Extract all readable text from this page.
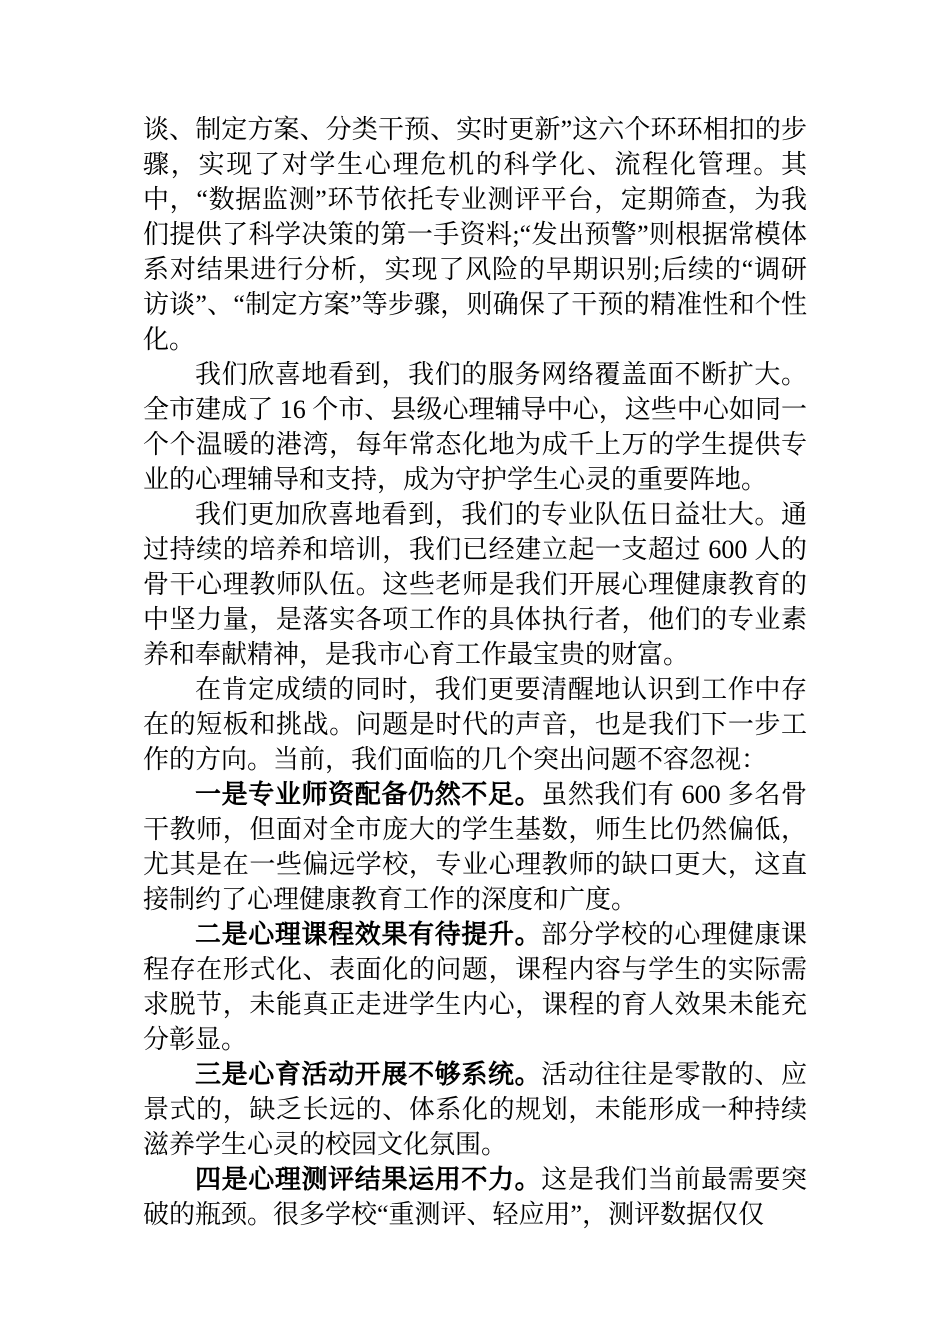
谈、制定方案、分类干预、实时更新”这六个环环相扣的步骤，实现了对学生心理危机的科学化、流程化管理。其中，“数据监测”环节依托专业测评平台，定期筛查，为我们提供了科学决策的第一手资料;“发出预警”则根据常模体系对结果进行分析，实现了风险的早期识别;后续的“调研访谈”、“制定方案”等步骤，则确保了干预的精准性和个性化。

我们欣喜地看到，我们的服务网络覆盖面不断扩大。全市建成了 16 个市、县级心理辅导中心，这些中心如同一个个温暖的港湾，每年常态化地为成千上万的学生提供专业的心理辅导和支持，成为守护学生心灵的重要阵地。

我们更加欣喜地看到，我们的专业队伍日益壮大。通过持续的培养和培训，我们已经建立起一支超过 600 人的骨干心理教师队伍。这些老师是我们开展心理健康教育的中坚力量，是落实各项工作的具体执行者，他们的专业素养和奉献精神，是我市心育工作最宝贵的财富。

在肯定成绩的同时，我们更要清醒地认识到工作中存在的短板和挑战。问题是时代的声音，也是我们下一步工作的方向。当前，我们面临的几个突出问题不容忽视：

一是专业师资配备仍然不足。虽然我们有 600 多名骨干教师，但面对全市庞大的学生基数，师生比仍然偏低，尤其是在一些偏远学校，专业心理教师的缺口更大，这直接制约了心理健康教育工作的深度和广度。

二是心理课程效果有待提升。部分学校的心理健康课程存在形式化、表面化的问题，课程内容与学生的实际需求脱节，未能真正走进学生内心，课程的育人效果未能充分彰显。

三是心育活动开展不够系统。活动往往是零散的、应景式的，缺乏长远的、体系化的规划，未能形成一种持续滋养学生心灵的校园文化氛围。

四是心理测评结果运用不力。这是我们当前最需要突破的瓶颈。很多学校“重测评、轻应用”，测评数据仅仅
